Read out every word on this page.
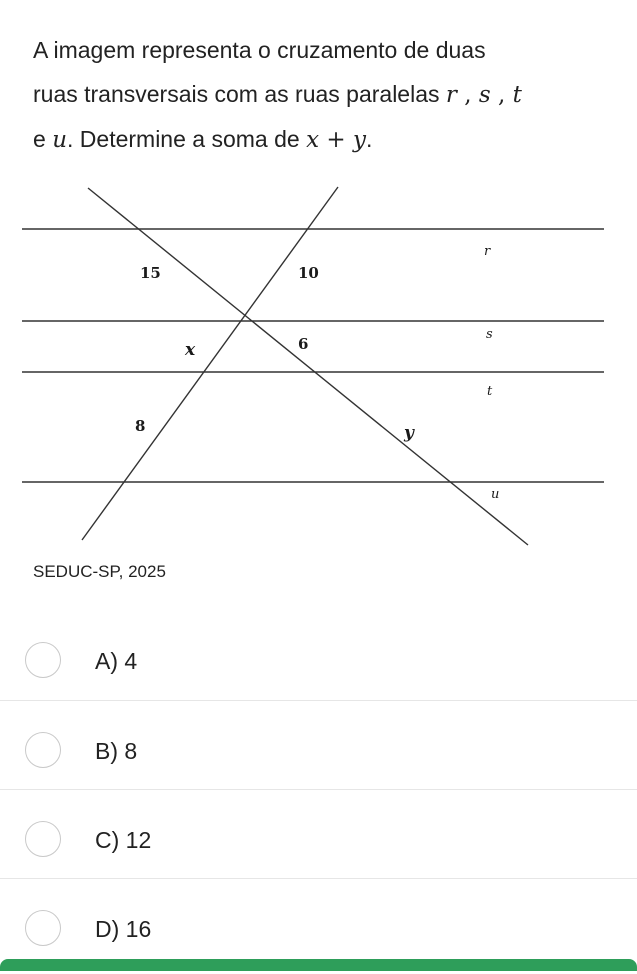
A imagem representa o cruzamento de duas
ruas transversais com as ruas paralelas r , s , t
e u. Determine a soma de x + y.
15	10
x	6
8	y
r
s
t
u
SEDUC-SP, 2025
A) 4
B) 8
C) 12
D) 16
